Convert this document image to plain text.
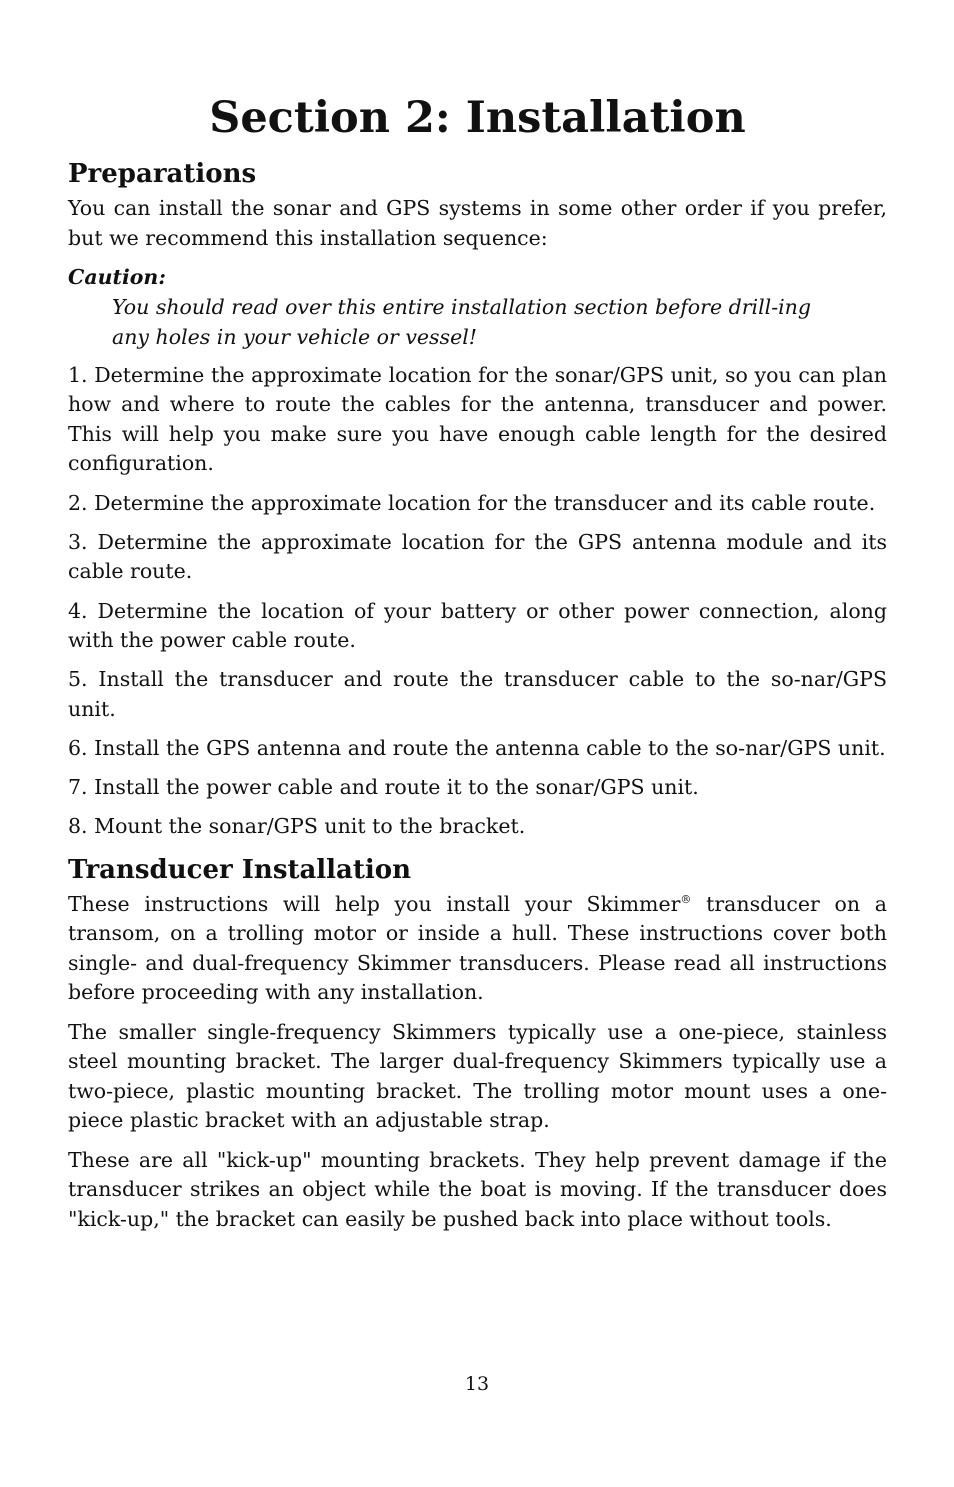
Section 2: Installation
Preparations

You can install the sonar and GPS systems in some other order if you prefer, but we recommend this installation sequence:

Caution:

You should read over this entire installation section before drill-ing any holes in your vehicle or vessel!

1. Determine the approximate location for the sonar/GPS unit, so you can plan how and where to route the cables for the antenna, transducer and power. This will help you make sure you have enough cable length for the desired configuration.

2. Determine the approximate location for the transducer and its cable route.

3. Determine the approximate location for the GPS antenna module and its cable route.

4. Determine the location of your battery or other power connection, along with the power cable route.

5. Install the transducer and route the transducer cable to the so-nar/GPS unit.

6. Install the GPS antenna and route the antenna cable to the so-nar/GPS unit.

7. Install the power cable and route it to the sonar/GPS unit.

8. Mount the sonar/GPS unit to the bracket.

Transducer Installation

These instructions will help you install your Skimmer® transducer on a transom, on a trolling motor or inside a hull. These instructions cover both single- and dual-frequency Skimmer transducers. Please read all instructions before proceeding with any installation.

The smaller single-frequency Skimmers typically use a one-piece, stainless steel mounting bracket. The larger dual-frequency Skimmers typically use a two-piece, plastic mounting bracket. The trolling motor mount uses a one-piece plastic bracket with an adjustable strap.

These are all "kick-up" mounting brackets. They help prevent damage if the transducer strikes an object while the boat is moving. If the transducer does "kick-up," the bracket can easily be pushed back into place without tools.

13
